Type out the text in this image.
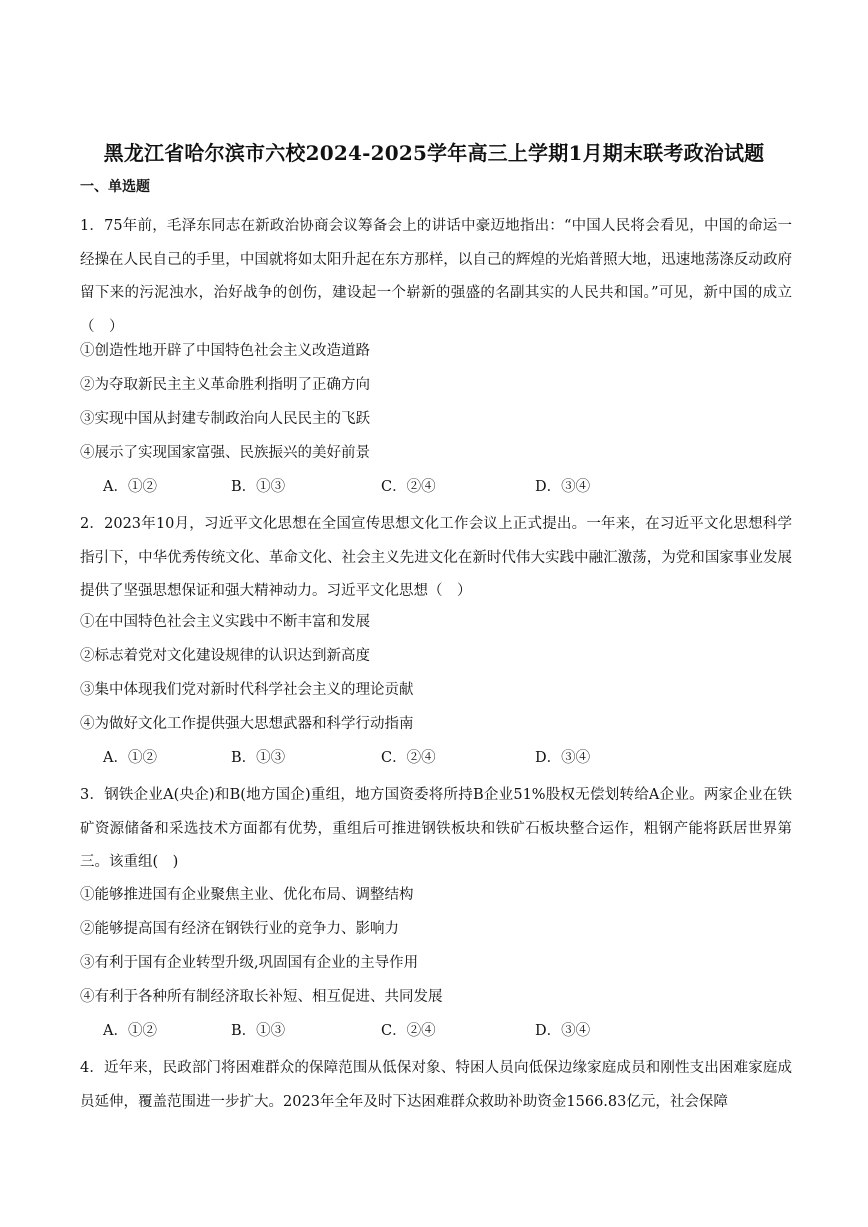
黑龙江省哈尔滨市六校2024-2025学年高三上学期1月期末联考政治试题
一、单选题
1．75年前，毛泽东同志在新政治协商会议筹备会上的讲话中豪迈地指出：“中国人民将会看见，中国的命运一经操在人民自己的手里，中国就将如太阳升起在东方那样，以自己的辉煌的光焰普照大地，迅速地荡涤反动政府留下来的污泥浊水，治好战争的创伤，建设起一个崭新的强盛的名副其实的人民共和国。”可见，新中国的成立（　）
①创造性地开辟了中国特色社会主义改造道路
②为夺取新民主主义革命胜利指明了正确方向
③实现中国从封建专制政治向人民民主的飞跃
④展示了实现国家富强、民族振兴的美好前景
A．①②	B．①③	C．②④	D．③④
2．2023年10月，习近平文化思想在全国宣传思想文化工作会议上正式提出。一年来，在习近平文化思想科学指引下，中华优秀传统文化、革命文化、社会主义先进文化在新时代伟大实践中融汇激荡，为党和国家事业发展提供了坚强思想保证和强大精神动力。习近平文化思想（　）
①在中国特色社会主义实践中不断丰富和发展
②标志着党对文化建设规律的认识达到新高度
③集中体现我们党对新时代科学社会主义的理论贡献
④为做好文化工作提供强大思想武器和科学行动指南
A．①②	B．①③	C．②④	D．③④
3．钢铁企业A(央企)和B(地方国企)重组，地方国资委将所持B企业51%股权无偿划转给A企业。两家企业在铁矿资源储备和采选技术方面都有优势，重组后可推进钢铁板块和铁矿石板块整合运作，粗钢产能将跃居世界第三。该重组(　)
①能够推进国有企业聚焦主业、优化布局、调整结构
②能够提高国有经济在钢铁行业的竞争力、影响力
③有利于国有企业转型升级,巩固国有企业的主导作用
④有利于各种所有制经济取长补短、相互促进、共同发展
A．①②	B．①③	C．②④	D．③④
4．近年来，民政部门将困难群众的保障范围从低保对象、特困人员向低保边缘家庭成员和刚性支出困难家庭成员延伸，覆盖范围进一步扩大。2023年全年及时下达困难群众救助补助资金1566.83亿元，社会保障
